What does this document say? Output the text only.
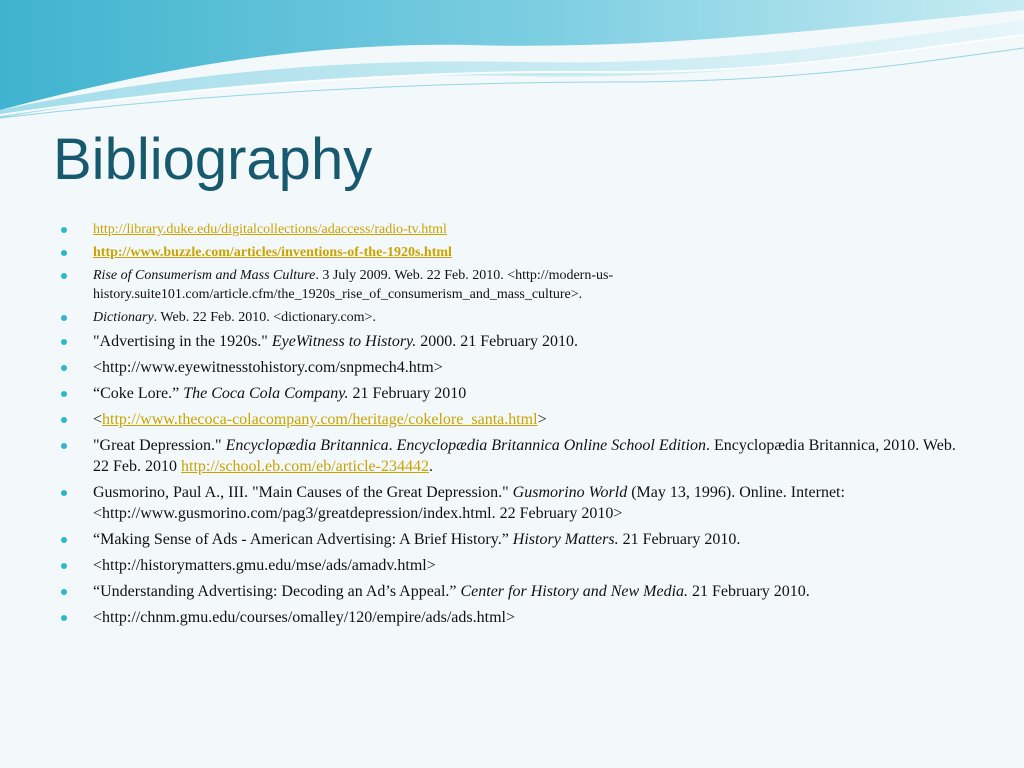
Bibliography
http://library.duke.edu/digitalcollections/adaccess/radio-tv.html
http://www.buzzle.com/articles/inventions-of-the-1920s.html
Rise of Consumerism and Mass Culture. 3 July 2009. Web. 22 Feb. 2010. <http://modern-us-history.suite101.com/article.cfm/the_1920s_rise_of_consumerism_and_mass_culture>.
Dictionary. Web. 22 Feb. 2010. <dictionary.com>.
"Advertising in the 1920s." EyeWitness to History. 2000. 21 February 2010.
<http://www.eyewitnesstohistory.com/snpmech4.htm>
“Coke Lore.” The Coca Cola Company. 21 February 2010
<http://www.thecoca-colacompany.com/heritage/cokelore_santa.html>
"Great Depression." Encyclopædia Britannica. Encyclopædia Britannica Online School Edition. Encyclopædia Britannica, 2010. Web. 22 Feb. 2010 http://school.eb.com/eb/article-234442.
Gusmorino, Paul A., III. "Main Causes of the Great Depression." Gusmorino World (May 13, 1996). Online. Internet: <http://www.gusmorino.com/pag3/greatdepression/index.html. 22 February 2010>
“Making Sense of Ads - American Advertising: A Brief History.” History Matters. 21 February 2010.
<http://historymatters.gmu.edu/mse/ads/amadv.html>
“Understanding Advertising: Decoding an Ad’s Appeal.” Center for History and New Media. 21 February 2010.
<http://chnm.gmu.edu/courses/omalley/120/empire/ads/ads.html>
